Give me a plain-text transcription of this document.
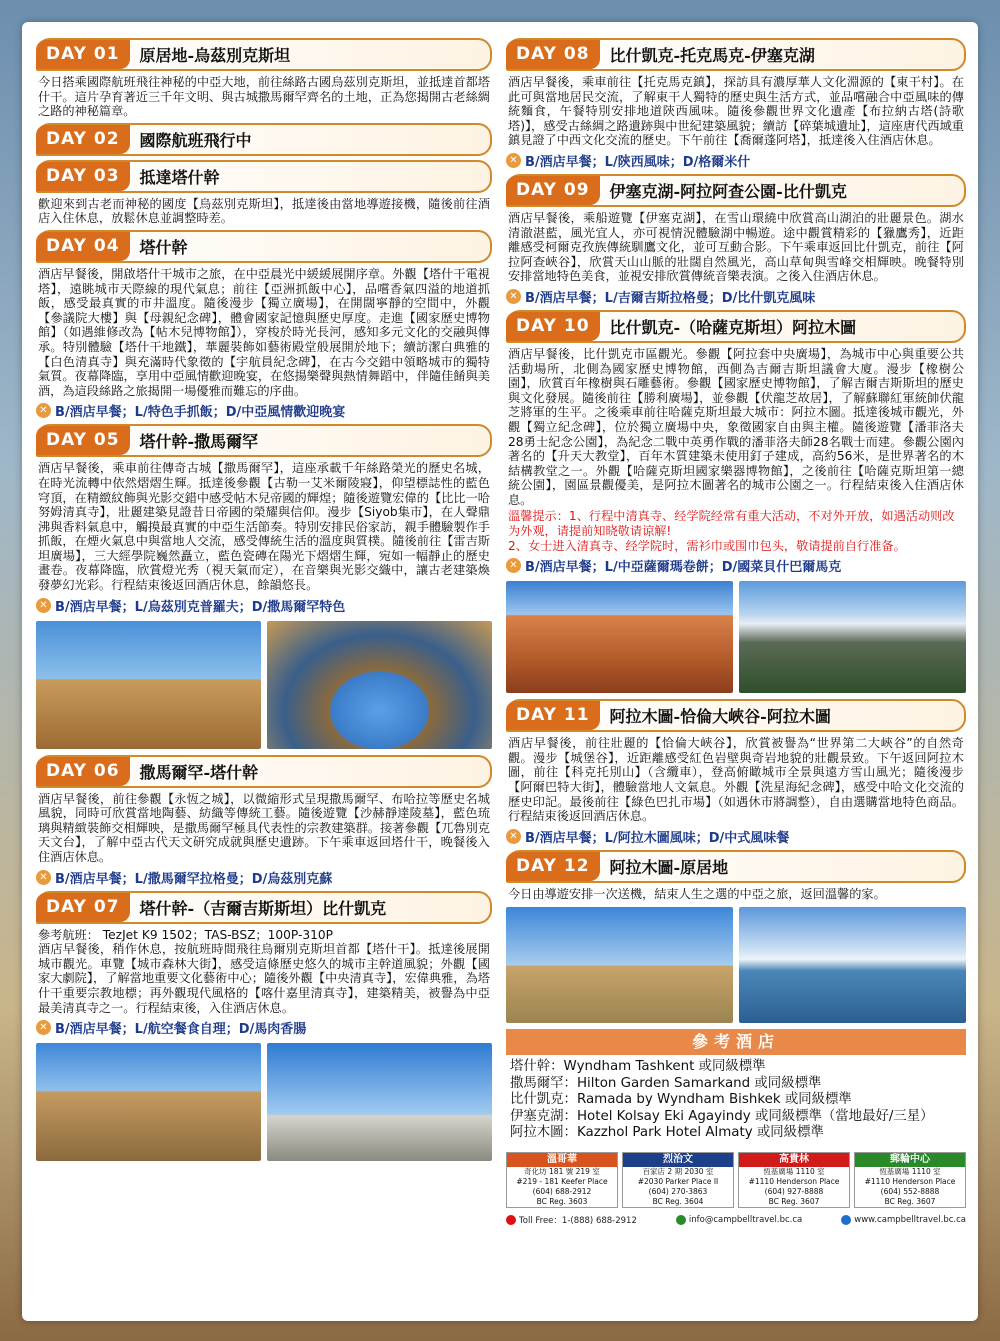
DAY 01	原居地-烏茲別克斯坦
今日搭乘國際航班飛往神秘的中亞大地，前往絲路古國烏茲別克斯坦，並抵達首都塔什干。這片孕育著近三千年文明、與古城撒馬爾罕齊名的土地，正為您揭開古老絲綢之路的神秘篇章。
DAY 02	國際航班飛行中
DAY 03	抵達塔什幹
歡迎來到古老而神秘的國度【烏茲別克斯坦】，抵達後由當地導遊接機，隨後前往酒店入住休息，放鬆休息並調整時差。
DAY 04	塔什幹
酒店早餐後，開啟塔什干城市之旅，在中亞晨光中緩緩展開序章。外觀【塔什干電視塔】，遠眺城市天際線的現代氣息；前往【亞洲抓飯中心】，品嚐香氣四溢的地道抓飯，感受最真實的市井溫度。隨後漫步【獨立廣場】，在開闊寧靜的空間中，外觀【參議院大樓】與【母親紀念碑】，體會國家記憶與歷史厚度。走進【國家歷史博物館】（如遇維修改為【帖木兒博物館】），穿梭於時光長河，感知多元文化的交融與傳承。特別體驗【塔什干地鐵】，華麗裝飾如藝術殿堂般展開於地下；續訪潔白典雅的【白色清真寺】與充滿時代象徵的【宇航員紀念碑】，在古今交錯中領略城市的獨特氣質。夜幕降臨，享用中亞風情歡迎晚宴，在悠揚樂聲與熱情舞蹈中，伴隨佳餚與美酒，為這段絲路之旅揭開一場優雅而難忘的序曲。
✕ B/酒店早餐；L/特色手抓飯；D/中亞風情歡迎晚宴
DAY 05	塔什幹-撒馬爾罕
酒店早餐後，乘車前往傳奇古城【撒馬爾罕】，這座承載千年絲路榮光的歷史名城，在時光流轉中依然熠熠生輝。抵達後參觀【古勒一艾米爾陵寢】，仰望標誌性的藍色穹頂，在精緻紋飾與光影交錯中感受帖木兒帝國的輝煌；隨後遊覽宏偉的【比比一哈努姆清真寺】，壯麗建築見證昔日帝國的榮耀與信仰。漫步【Siyob集市】，在人聲鼎沸與香料氣息中，觸摸最真實的中亞生活節奏。特別安排民俗家訪，親手體驗製作手抓飯，在煙火氣息中與當地人交流，感受傳統生活的溫度與質樸。隨後前往【雷吉斯坦廣場】，三大經學院巍然矗立，藍色瓷磚在陽光下熠熠生輝，宛如一幅靜止的歷史畫卷。夜幕降臨，欣賞燈光秀（視天氣而定），在音樂與光影交織中，讓古老建築煥發夢幻光彩。行程結束後返回酒店休息，餘韻悠長。
✕ B/酒店早餐；L/烏茲別克普羅夫；D/撒馬爾罕特色
DAY 06	撒馬爾罕-塔什幹
酒店早餐後，前往參觀【永恆之城】，以微縮形式呈現撒馬爾罕、布哈拉等歷史名城風貌，同時可欣賞當地陶藝、紡織等傳統工藝。隨後遊覽【沙赫靜達陵墓】，藍色琉璃與精緻裝飾交相輝映，是撒馬爾罕極具代表性的宗教建築群。接著參觀【兀魯別克天文台】，了解中亞古代天文研究成就與歷史遺跡。下午乘車返回塔什干，晚餐後入住酒店休息。
✕ B/酒店早餐；L/撒馬爾罕拉格曼；D/烏茲別克蘇
DAY 07	塔什幹-（吉爾吉斯斯坦）比什凱克
參考航班： TezJet K9 1502；TAS-BSZ；100P-310P
酒店早餐後，稍作休息，按航班時間飛往烏爾別克斯坦首都【塔什干】。抵達後展開城市觀光。車覽【城市森林大街】，感受這條歷史悠久的城市主幹道風貌；外觀【國家大劇院】，了解當地重要文化藝術中心；隨後外觀【中央清真寺】，宏偉典雅，為塔什干重要宗教地標；再外觀現代風格的【喀什嘉里清真寺】，建築精美，被譽為中亞最美清真寺之一。行程結束後，入住酒店休息。
✕ B/酒店早餐；L/航空餐食自理；D/馬肉香腸
DAY 08	比什凱克-托克馬克-伊塞克湖
酒店早餐後，乘車前往【托克馬克鎮】，探訪具有濃厚華人文化淵源的【東干村】。在此可與當地居民交流，了解東干人獨特的歷史與生活方式，並品嚐融合中亞風味的傳統麵食，午餐特別安排地道陝西風味。隨後參觀世界文化遺產【布拉納古塔(詩歌塔)】，感受古絲綢之路遺跡與中世紀建築風貌；續訪【碎葉城遺址】，這座唐代西域重鎮見證了中西文化交流的歷史。下午前往【喬爾蓬阿塔】，抵達後入住酒店休息。
✕ B/酒店早餐；L/陝西風味；D/格爾米什
DAY 09	伊塞克湖-阿拉阿查公園-比什凱克
酒店早餐後，乘船遊覽【伊塞克湖】，在雪山環繞中欣賞高山湖泊的壯麗景色。湖水清澈湛藍，風光宜人，亦可視情況體驗湖中暢遊。途中觀賞精彩的【獵鷹秀】，近距離感受柯爾克孜族傳統馴鷹文化，並可互動合影。下午乘車返回比什凱克，前往【阿拉阿查峽谷】，欣賞天山山脈的壯闊自然風光，高山草甸與雪峰交相輝映。晚餐特別安排當地特色美食，並視安排欣賞傳統音樂表演。之後入住酒店休息。
✕ B/酒店早餐；L/吉爾吉斯拉格曼；D/比什凱克風味
DAY 10	比什凱克-（哈薩克斯坦）阿拉木圖
酒店早餐後，比什凱克市區觀光。參觀【阿拉套中央廣場】，為城市中心與重要公共活動場所，北側為國家歷史博物館，西側為吉爾吉斯坦議會大廈。漫步【橡樹公園】，欣賞百年橡樹與石雕藝術。參觀【國家歷史博物館】，了解吉爾吉斯斯坦的歷史與文化發展。隨後前往【勝利廣場】，並參觀【伏龍芝故居】，了解蘇聯紅軍統帥伏龍芝將軍的生平。之後乘車前往哈薩克斯坦最大城市：阿拉木圖。抵達後城市觀光，外觀【獨立紀念碑】，位於獨立廣場中央，象徵國家自由與主權。隨後遊覽【潘菲洛夫28勇士紀念公園】，為紀念二戰中英勇作戰的潘菲洛夫師28名戰士而建。參觀公園內著名的【升天大教堂】，百年木質建築未使用釘子建成，高約56米，是世界著名的木結構教堂之一。外觀【哈薩克斯坦國家樂器博物館】，之後前往【哈薩克斯坦第一總統公園】，園區景觀優美，是阿拉木圖著名的城市公園之一。行程結束後入住酒店休息。
溫馨提示：1、行程中清真寺、经学院经常有重大活动，不对外开放，如遇活动则改为外观，请提前知晓敬请谅解!
2、女士进入清真寺、经学院时，需衫巾或围巾包头，敬请提前自行准备。
✕ B/酒店早餐；L/中亞薩爾瑪卷餅；D/國菜貝什巴爾馬克
DAY 11	阿拉木圖-恰倫大峽谷-阿拉木圖
酒店早餐後，前往壯麗的【恰倫大峽谷】，欣賞被譽為“世界第二大峽谷”的自然奇觀。漫步【城堡谷】，近距離感受紅色岩壁與奇岩地貌的壯觀景致。下午返回阿拉木圖，前往【科克托別山】（含纜車），登高俯瞰城市全景與遠方雪山風光；隨後漫步【阿爾巴特大街】，體驗當地人文氣息。外觀【洗星海紀念碑】，感受中哈文化交流的歷史印記。最後前往【綠色巴扎市場】（如遇休市將調整），自由選購當地特色商品。行程結束後返回酒店休息。
✕ B/酒店早餐；L/阿拉木圖風味；D/中式風味餐
DAY 12	阿拉木圖-原居地
今日由導遊安排一次送機，結束人生之選的中亞之旅，返回溫馨的家。
參考酒店
塔什幹：Wyndham Tashkent 或同級標準
撒馬爾罕：Hilton Garden Samarkand 或同級標準
比什凱克：Ramada by Wyndham Bishkek 或同級標準
伊塞克湖：Hotel Kolsay Eki Agayindy 或同級標準（當地最好/三星）
阿拉木圖：Kazzhol Park Hotel Almaty 或同級標準
溫哥華
奇化坊 181 號 219 室
#219 - 181 Keefer Place
(604) 688-2912
BC Reg. 3603
烈治文
百家店 2 期 2030 室
#2030 Parker Place II
(604) 270-3863
BC Reg. 3604
高貴林
恆基廣場 1110 室
#1110 Henderson Place
(604) 927-8888
BC Reg. 3607
郵輪中心
恆基廣場 1110 室
#1110 Henderson Place
(604) 552-8888
BC Reg. 3607
Toll Free：1-(888) 688-2912	info@campbelltravel.bc.ca	www.campbelltravel.bc.ca
